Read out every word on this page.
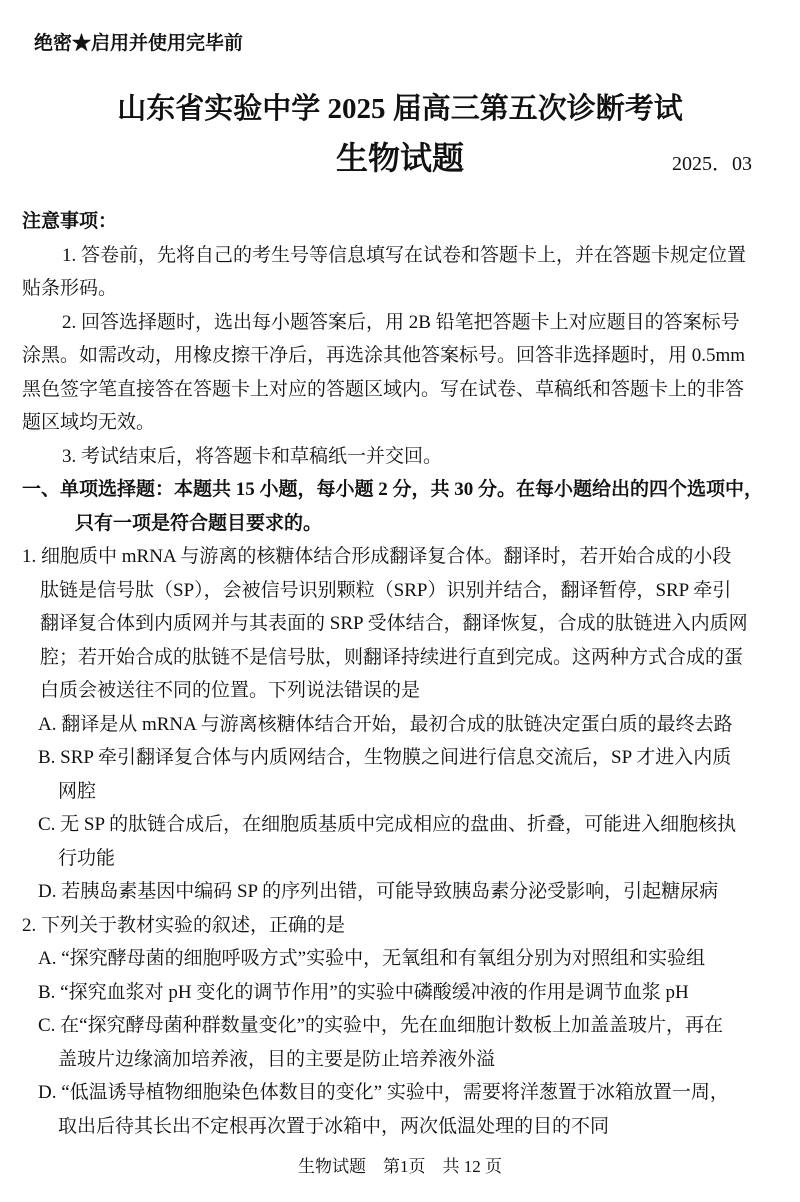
绝密★启用并使用完毕前
山东省实验中学 2025 届高三第五次诊断考试
生物试题	2025．03
注意事项：
1. 答卷前，先将自己的考生号等信息填写在试卷和答题卡上，并在答题卡规定位置
贴条形码。
2. 回答选择题时，选出每小题答案后，用 2B 铅笔把答题卡上对应题目的答案标号
涂黑。如需改动，用橡皮擦干净后，再选涂其他答案标号。回答非选择题时，用 0.5mm
黑色签字笔直接答在答题卡上对应的答题区域内。写在试卷、草稿纸和答题卡上的非答
题区域均无效。
3. 考试结束后，将答题卡和草稿纸一并交回。
一、单项选择题：本题共 15 小题，每小题 2 分，共 30 分。在每小题给出的四个选项中，
只有一项是符合题目要求的。
1. 细胞质中 mRNA 与游离的核糖体结合形成翻译复合体。翻译时，若开始合成的小段
肽链是信号肽（SP），会被信号识别颗粒（SRP）识别并结合，翻译暂停，SRP 牵引
翻译复合体到内质网并与其表面的 SRP 受体结合，翻译恢复，合成的肽链进入内质网
腔；若开始合成的肽链不是信号肽，则翻译持续进行直到完成。这两种方式合成的蛋
白质会被送往不同的位置。下列说法错误的是
A. 翻译是从 mRNA 与游离核糖体结合开始，最初合成的肽链决定蛋白质的最终去路
B. SRP 牵引翻译复合体与内质网结合，生物膜之间进行信息交流后，SP 才进入内质
网腔
C. 无 SP 的肽链合成后，在细胞质基质中完成相应的盘曲、折叠，可能进入细胞核执
行功能
D. 若胰岛素基因中编码 SP 的序列出错，可能导致胰岛素分泌受影响，引起糖尿病
2. 下列关于教材实验的叙述，正确的是
A. “探究酵母菌的细胞呼吸方式”实验中，无氧组和有氧组分别为对照组和实验组
B. “探究血浆对 pH 变化的调节作用”的实验中磷酸缓冲液的作用是调节血浆 pH
C. 在“探究酵母菌种群数量变化”的实验中，先在血细胞计数板上加盖盖玻片，再在
盖玻片边缘滴加培养液，目的主要是防止培养液外溢
D. “低温诱导植物细胞染色体数目的变化” 实验中，需要将洋葱置于冰箱放置一周，
取出后待其长出不定根再次置于冰箱中，两次低温处理的目的不同
生物试题　第1页　共 12 页
